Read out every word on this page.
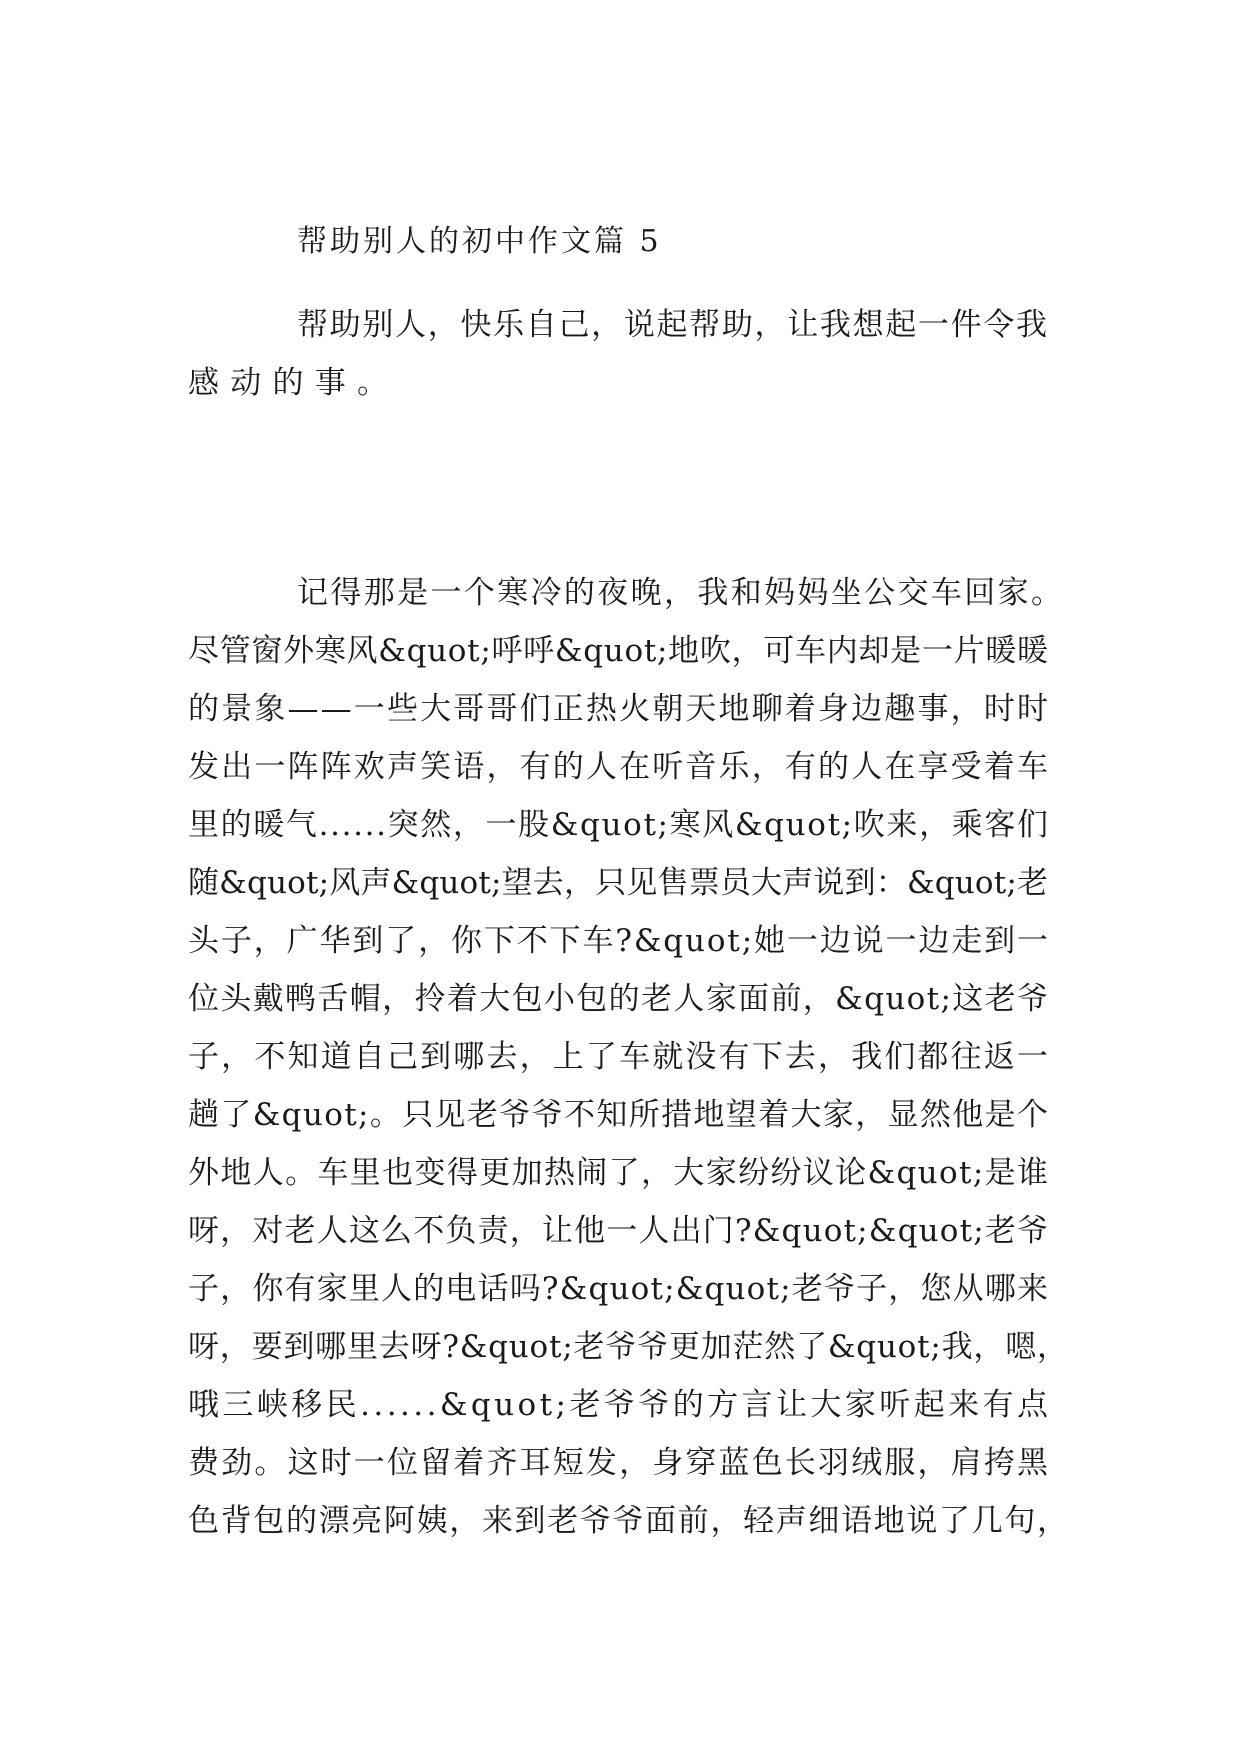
帮助别人的初中作文篇 5
帮助别人，快乐自己，说起帮助，让我想起一件令我
感动的事。
记得那是一个寒冷的夜晚，我和妈妈坐公交车回家。
尽管窗外寒风&quot;呼呼&quot;地吹，可车内却是一片暖暖
的景象——一些大哥哥们正热火朝天地聊着身边趣事，时时
发出一阵阵欢声笑语，有的人在听音乐，有的人在享受着车
里的暖气......突然，一股&quot;寒风&quot;吹来，乘客们
随&quot;风声&quot;望去，只见售票员大声说到：&quot;老
头子，广华到了，你下不下车?&quot;她一边说一边走到一
位头戴鸭舌帽，拎着大包小包的老人家面前，&quot;这老爷
子，不知道自己到哪去，上了车就没有下去，我们都往返一
趟了&quot;。只见老爷爷不知所措地望着大家，显然他是个
外地人。车里也变得更加热闹了，大家纷纷议论&quot;是谁
呀，对老人这么不负责，让他一人出门?&quot;&quot;老爷
子，你有家里人的电话吗?&quot;&quot;老爷子，您从哪来
呀，要到哪里去呀?&quot;老爷爷更加茫然了&quot;我，嗯，
哦三峡移民......&quot;老爷爷的方言让大家听起来有点
费劲。这时一位留着齐耳短发，身穿蓝色长羽绒服，肩挎黑
色背包的漂亮阿姨，来到老爷爷面前，轻声细语地说了几句，
